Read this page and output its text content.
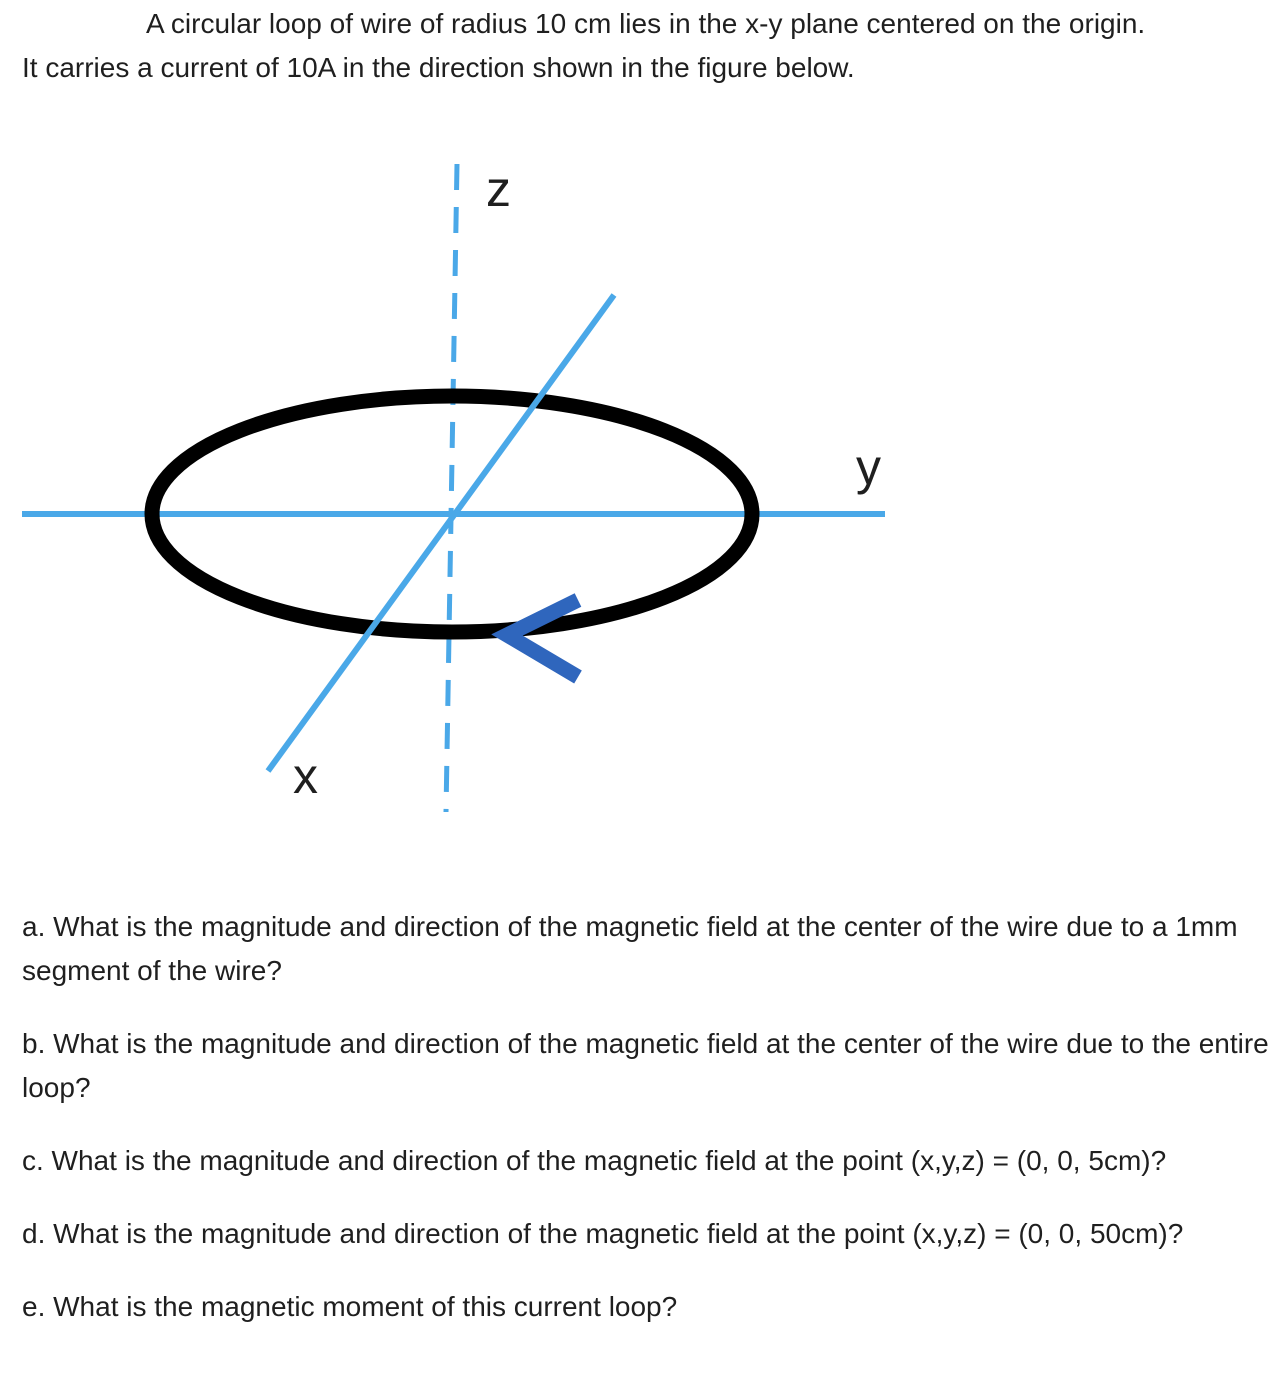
A circular loop of wire of radius 10 cm lies in the x-y plane centered on the origin.
It carries a current of 10A in the direction shown in the figure below.

z
y
x
a. What is the magnitude and direction of the magnetic field at the center of the wire due to a 1mm segment of the wire?
b. What is the magnitude and direction of the magnetic field at the center of the wire due to the entire loop?
c. What is the magnitude and direction of the magnetic field at the point (x,y,z) = (0, 0, 5cm)?
d. What is the magnitude and direction of the magnetic field at the point (x,y,z) = (0, 0, 50cm)?
e. What is the magnetic moment of this current loop?
